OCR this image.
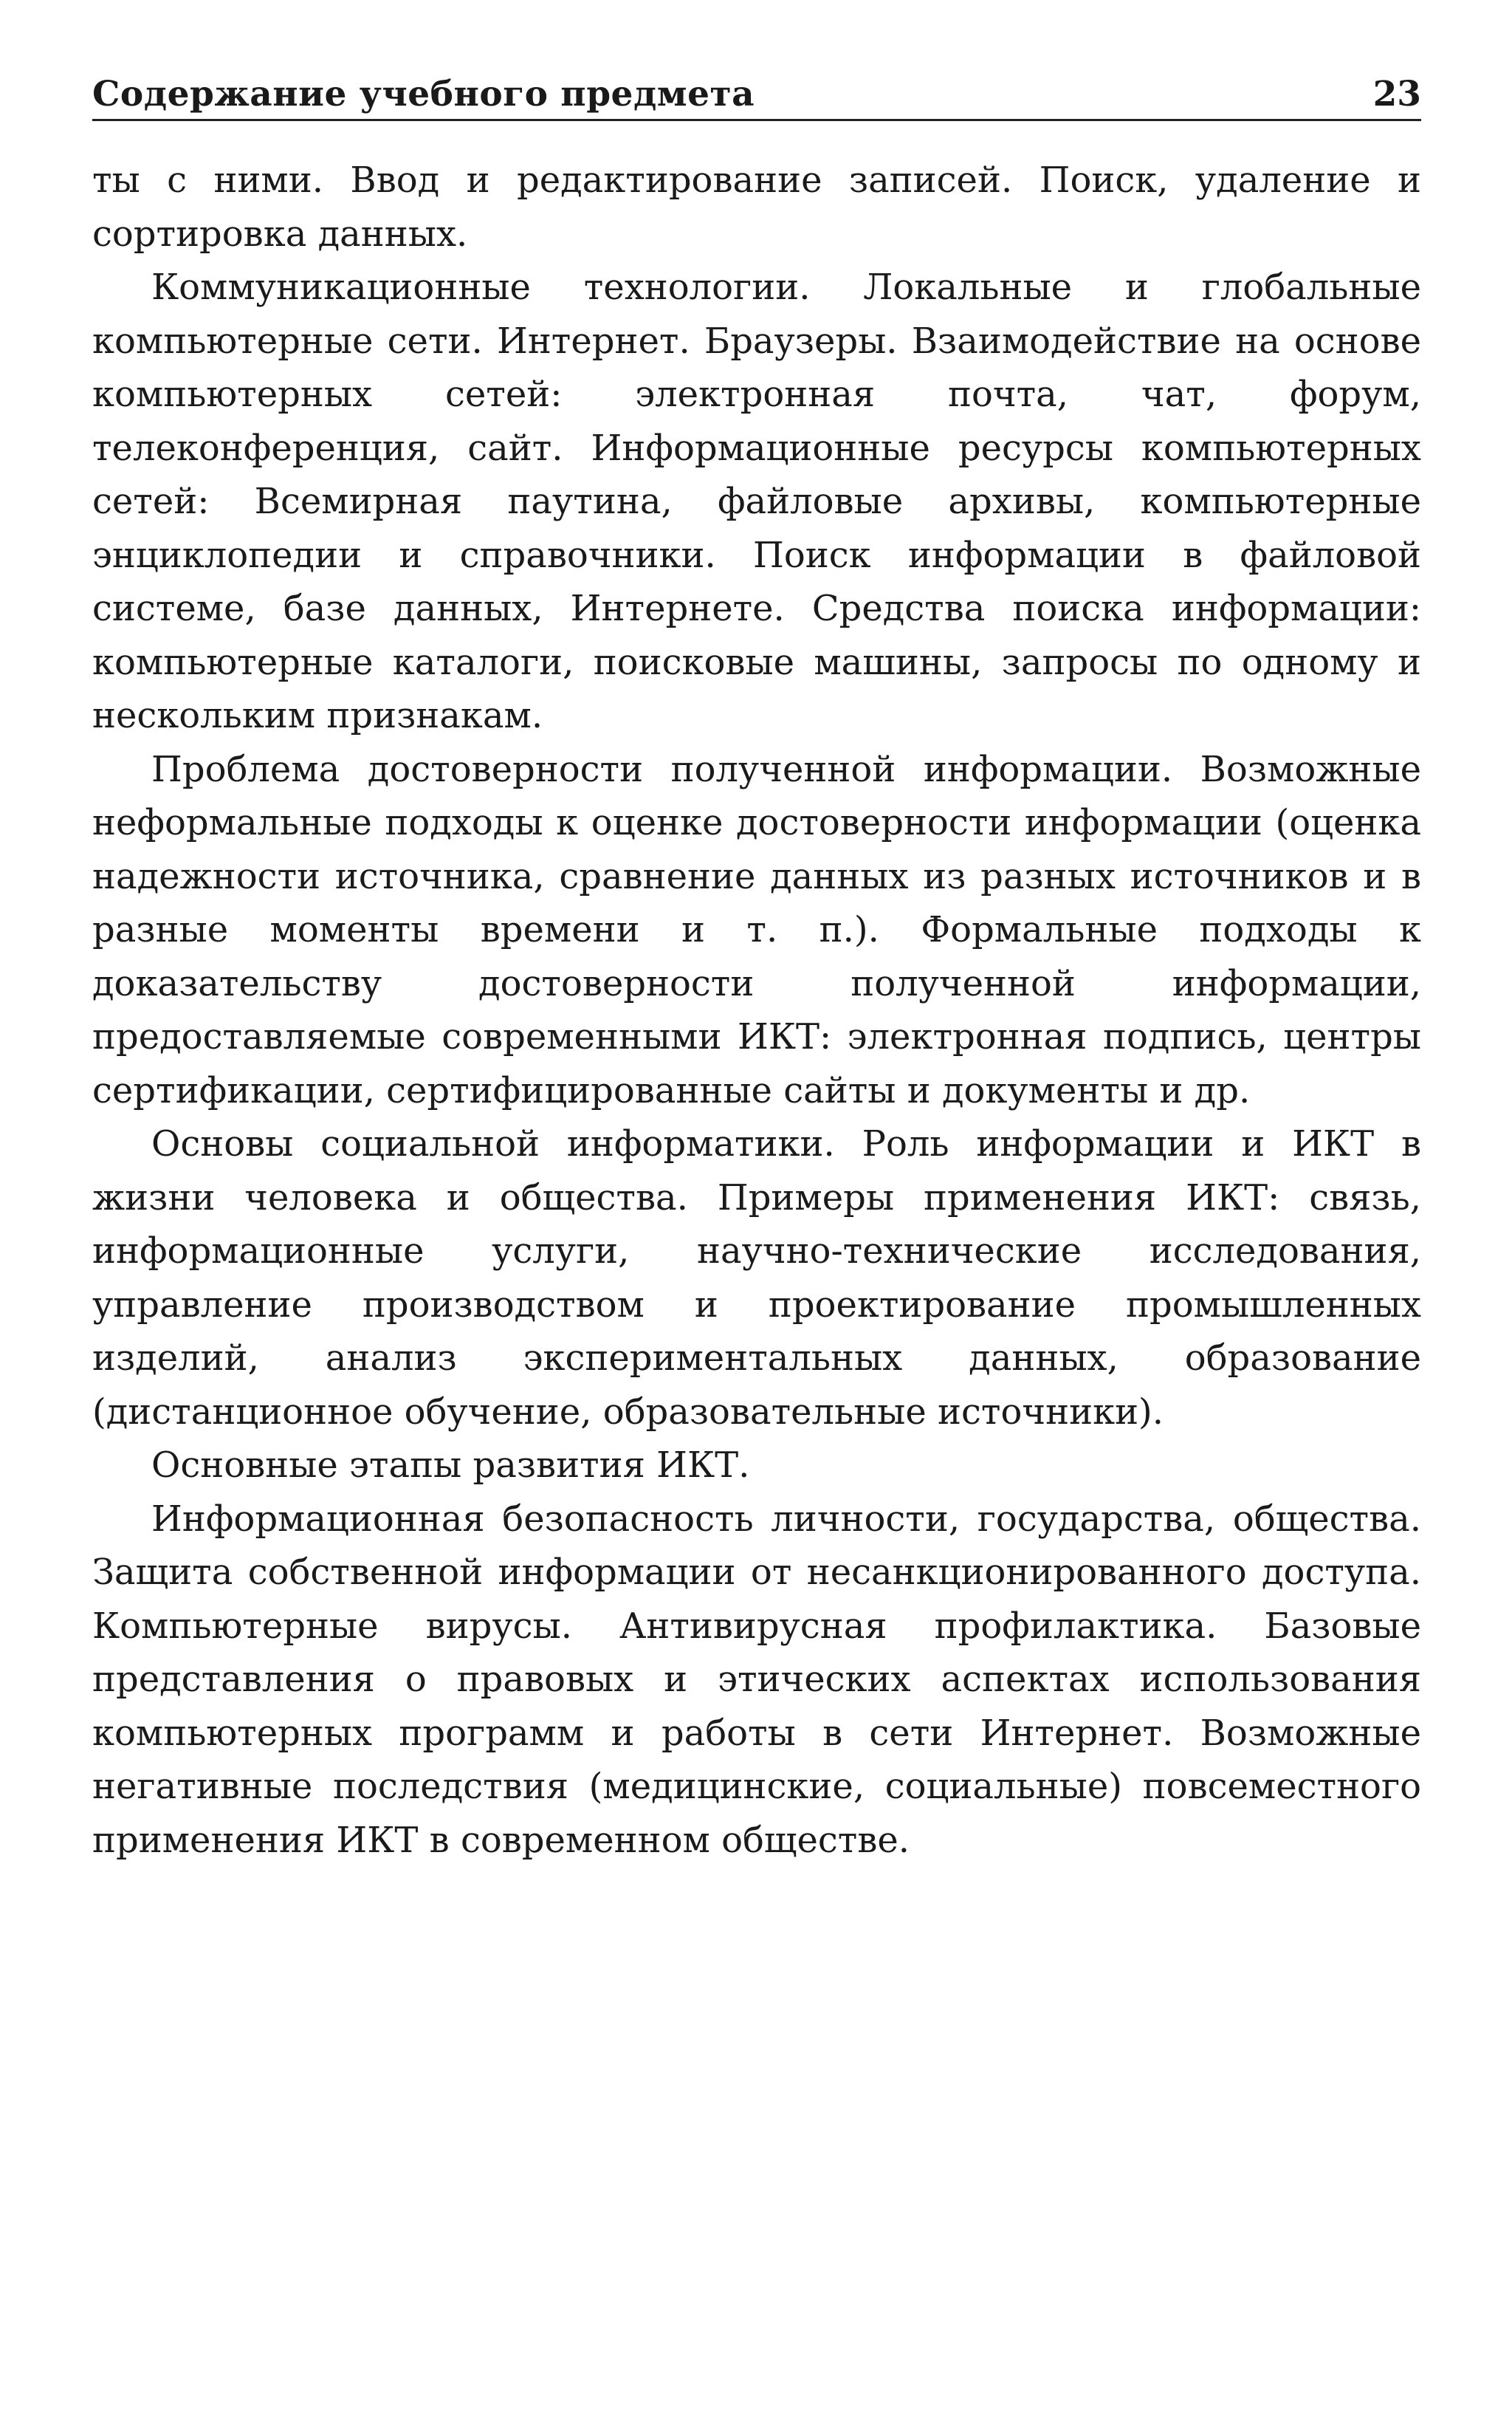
Содержание учебного предмета	23

ты с ними. Ввод и редактирование записей. Поиск, удаление и сортировка данных.

Коммуникационные технологии. Локальные и глобальные компьютерные сети. Интернет. Браузеры. Взаимодействие на основе компьютерных сетей: электронная почта, чат, форум, телеконференция, сайт. Информационные ресурсы компьютерных сетей: Всемирная паутина, файловые архивы, компьютерные энциклопедии и справочники. Поиск информации в файловой системе, базе данных, Интернете. Средства поиска информации: компьютерные каталоги, поисковые машины, запросы по одному и нескольким признакам.

Проблема достоверности полученной информации. Возможные неформальные подходы к оценке достоверности информации (оценка надежности источника, сравнение данных из разных источников и в разные моменты времени и т. п.). Формальные подходы к доказательству достоверности полученной информации, предоставляемые современными ИКТ: электронная подпись, центры сертификации, сертифицированные сайты и документы и др.

Основы социальной информатики. Роль информации и ИКТ в жизни человека и общества. Примеры применения ИКТ: связь, информационные услуги, научно-технические исследования, управление производством и проектирование промышленных изделий, анализ экспериментальных данных, образование (дистанционное обучение, образовательные источники).

Основные этапы развития ИКТ.

Информационная безопасность личности, государства, общества. Защита собственной информации от несанкционированного доступа. Компьютерные вирусы. Антивирусная профилактика. Базовые представления о правовых и этических аспектах использования компьютерных программ и работы в сети Интернет. Возможные негативные последствия (медицинские, социальные) повсеместного применения ИКТ в современном обществе.
